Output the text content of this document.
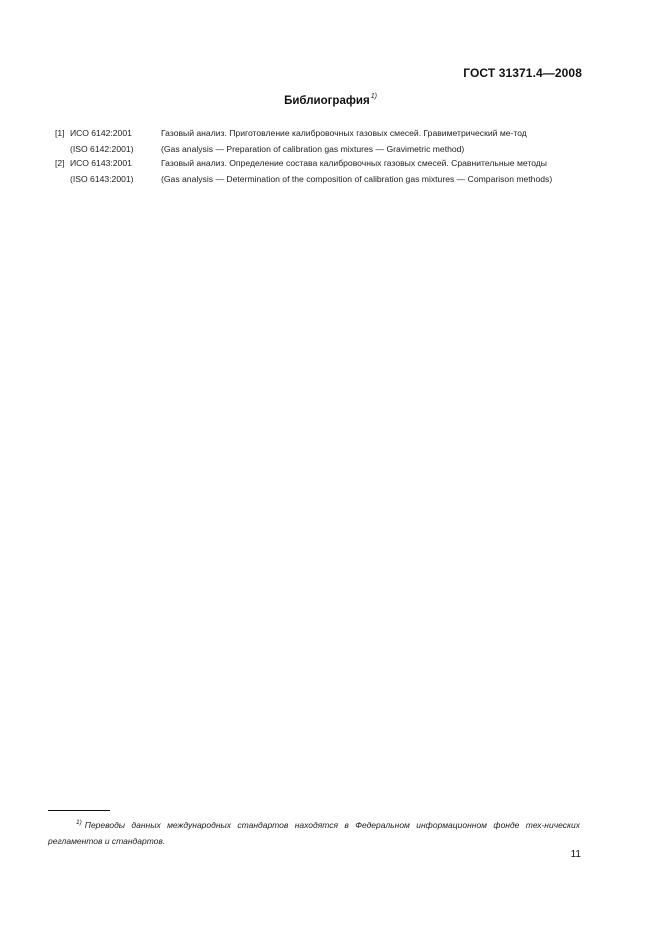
ГОСТ 31371.4—2008
Библиография$^{1)}$
[1] ИСО 6142:2001	Газовый анализ. Приготовление калибровочных газовых смесей. Гравиметрический ме-тод
(ISO 6142:2001)	(Gas analysis — Preparation of calibration gas mixtures — Gravimetric method)
[2] ИСО 6143:2001	Газовый анализ. Определение состава калибровочных газовых смесей. Сравнительные методы
(ISO 6143:2001)	(Gas analysis — Determination of the composition of calibration gas mixtures — Comparison methods)
$^{1)}$ Переводы данных международных стандартов находятся в Федеральном информационном фонде тех-нических регламентов и стандартов.
11
